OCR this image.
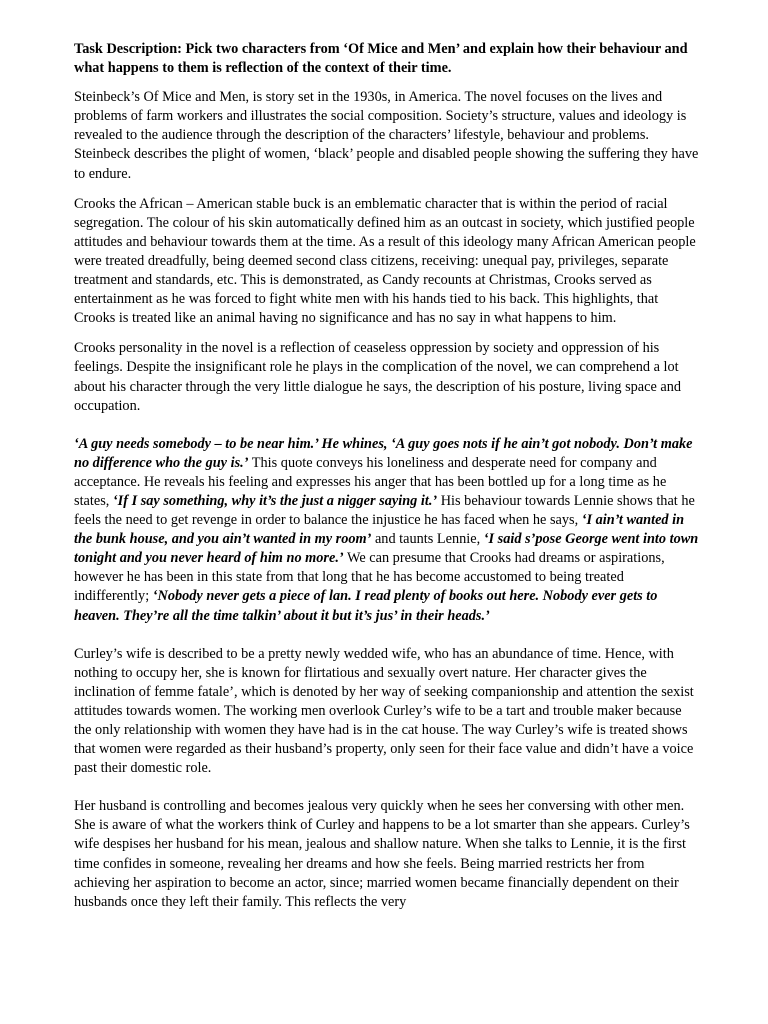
Task Description: Pick two characters from ‘Of Mice and Men’ and explain how their behaviour and what happens to them is reflection of the context of their time.

Steinbeck’s Of Mice and Men, is story set in the 1930s, in America. The novel focuses on the lives and problems of farm workers and illustrates the social composition. Society’s structure, values and ideology is revealed to the audience through the description of the characters’ lifestyle, behaviour and problems. Steinbeck describes the plight of women, ‘black’ people and disabled people showing the suffering they have to endure.

Crooks the African – American stable buck is an emblematic character that is within the period of racial segregation. The colour of his skin automatically defined him as an outcast in society, which justified people attitudes and behaviour towards them at the time. As a result of this ideology many African American people were treated dreadfully, being deemed second class citizens, receiving: unequal pay, privileges, separate treatment and standards, etc. This is demonstrated, as Candy recounts at Christmas, Crooks served as entertainment as he was forced to fight white men with his hands tied to his back. This highlights, that Crooks is treated like an animal having no significance and has no say in what happens to him.

Crooks personality in the novel is a reflection of ceaseless oppression by society and oppression of his feelings. Despite the insignificant role he plays in the complication of the novel, we can comprehend a lot about his character through the very little dialogue he says, the description of his posture, living space and occupation.

‘A guy needs somebody – to be near him.’ He whines, ‘A guy goes nots if he ain’t got nobody. Don’t make no difference who the guy is.’ This quote conveys his loneliness and desperate need for company and acceptance. He reveals his feeling and expresses his anger that has been bottled up for a long time as he states, ‘If I say something, why it’s the just a nigger saying it.’ His behaviour towards Lennie shows that he feels the need to get revenge in order to balance the injustice he has faced when he says, ‘I ain’t wanted in the bunk house, and you ain’t wanted in my room’ and taunts Lennie, ‘I said s’pose George went into town tonight and you never heard of him no more.’ We can presume that Crooks had dreams or aspirations, however he has been in this state from that long that he has become accustomed to being treated indifferently; ‘Nobody never gets a piece of lan. I read plenty of books out here. Nobody ever gets to heaven. They’re all the time talkin’ about it but it’s jus’ in their heads.’

Curley’s wife is described to be a pretty newly wedded wife, who has an abundance of time. Hence, with nothing to occupy her, she is known for flirtatious and sexually overt nature. Her character gives the inclination of femme fatale’, which is denoted by her way of seeking companionship and attention the sexist attitudes towards women. The working men overlook Curley’s wife to be a tart and trouble maker because the only relationship with women they have had is in the cat house. The way Curley’s wife is treated shows that women were regarded as their husband’s property, only seen for their face value and didn’t have a voice past their domestic role.

Her husband is controlling and becomes jealous very quickly when he sees her conversing with other men. She is aware of what the workers think of Curley and happens to be a lot smarter than she appears. Curley’s wife despises her husband for his mean, jealous and shallow nature. When she talks to Lennie, it is the first time confides in someone, revealing her dreams and how she feels. Being married restricts her from achieving her aspiration to become an actor, since; married women became financially dependent on their husbands once they left their family. This reflects the very
